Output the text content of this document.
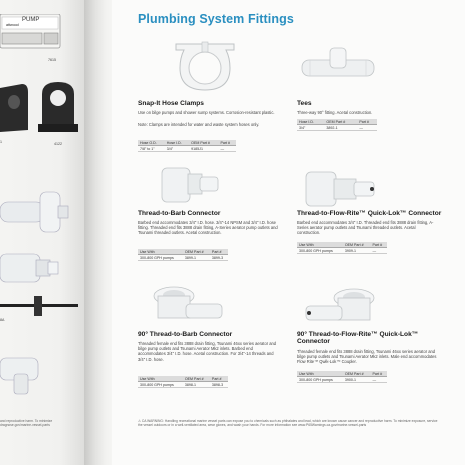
PUMP
attwood
7615
1	4122
8A
and reproductive harm. To minimize
dragnose.gov/marine-vessel-parts
Plumbing System Fittings
Snap-It Hose Clamps
Use on bilge pumps and shower sump systems. Corrosion-resistant plastic.
Note: Clamps are intended for water and waste system hoses only.
Hose O.D.	Hose I.D.	OEM Part #	Part #
7/8" to 1"	3/4"	9185J1	—
Tees
Three-way 90° fitting. Acetal construction.
Hose I.D.	OEM Part #	Part #
3/4"	3892-1	—
Thread-to-Barb Connector
Barbed end accommodates 3/4" I.D. hose. 3/4"-14 NPSM and 3/4" I.D. hose fitting. Threaded end fits 3888 drain fitting, A-Series aerator pump outlets and Tsunami threaded outlets. Acetal construction.
Use With	OEM Part #	Part #
300-800 GPH pumps	3899-1	3899-3
Thread-to-Flow-Rite™ Quick-Lok™ Connector
Barbed end accommodates 3/4" I.D. Threaded end fits 3888 drain fitting, A-Series aerator pump outlets and Tsunami threaded outlets. Acetal construction.
Use With	OEM Part #	Part #
300-800 GPH pumps	3909-1	—
90° Thread-to-Barb Connector
Threaded female end fits 3888 drain fitting, Tsunami 46xx series aerator and bilge pump outlets and Tsunami Aerator Mk2 inlets. Barbed end accommodates 3/4" I.D. hose. Acetal construction. For 3/4"-14 threads and 3/4" I.D. hose.
Use With	OEM Part #	Part #
300-800 GPH pumps	3898-1	3898-3
90° Thread-to-Flow-Rite™ Quick-Lok™ Connector
Threaded female end fits 3888 drain fitting, Tsunami 46xx series aerator and bilge pump outlets and Tsunami Aerator Mk2 inlets. Male end accommodates Flow Rite™ Qwik-Lok™ Coupler.
Use With	OEM Part #	Part #
300-800 GPH pumps	3900-1	—
⚠ CA WARNING: Handling recreational marine vessel parts can expose you to chemicals such as phthalates and lead, which are known cause cancer and reproductive harm. To minimize exposure, service the vessel outdoors or in a well-ventilated area, wear gloves, and wash your hands. For more information see www.P65Warnings.ca.gov/marine-vessel-parts
